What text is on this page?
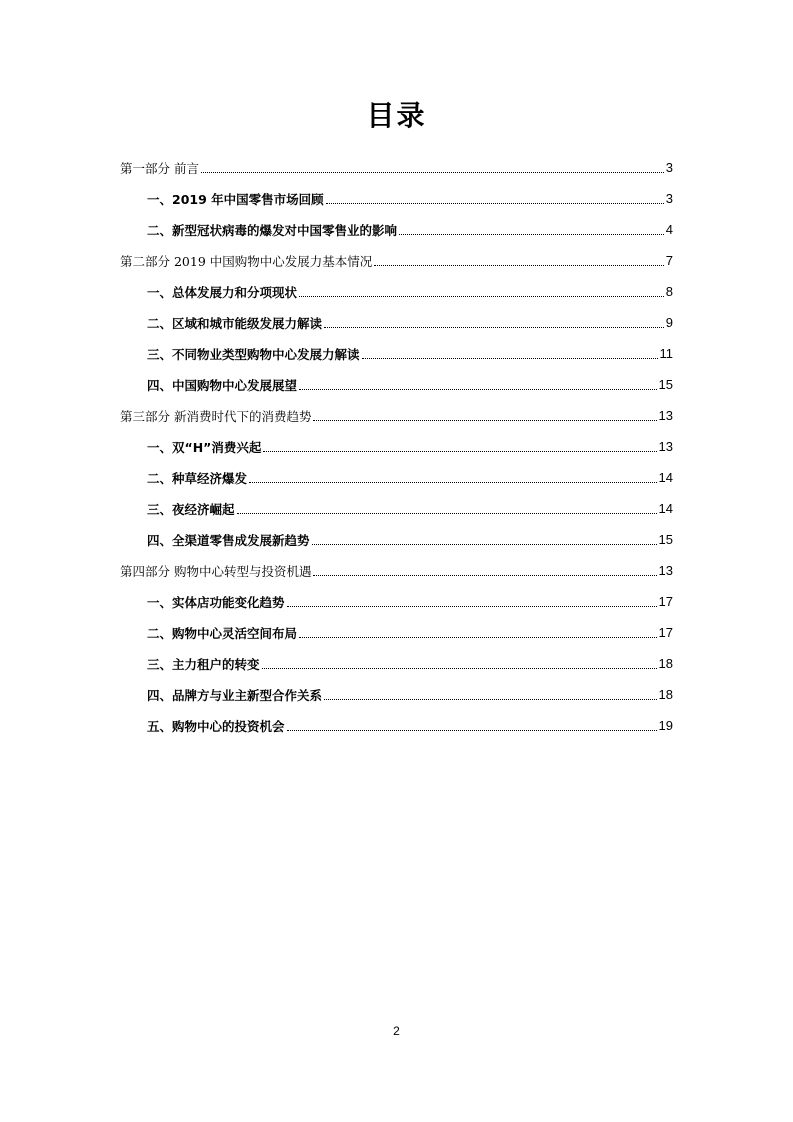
目录
第一部分 前言	3
一、2019 年中国零售市场回顾	3
二、新型冠状病毒的爆发对中国零售业的影响	4
第二部分 2019 中国购物中心发展力基本情况	7
一、总体发展力和分项现状	8
二、区域和城市能级发展力解读	9
三、不同物业类型购物中心发展力解读	11
四、中国购物中心发展展望	15
第三部分 新消费时代下的消费趋势	13
一、双“H”消费兴起	13
二、种草经济爆发	14
三、夜经济崛起	14
四、全渠道零售成发展新趋势	15
第四部分 购物中心转型与投资机遇	13
一、实体店功能变化趋势	17
二、购物中心灵活空间布局	17
三、主力租户的转变	18
四、品牌方与业主新型合作关系	18
五、购物中心的投资机会	19
2
